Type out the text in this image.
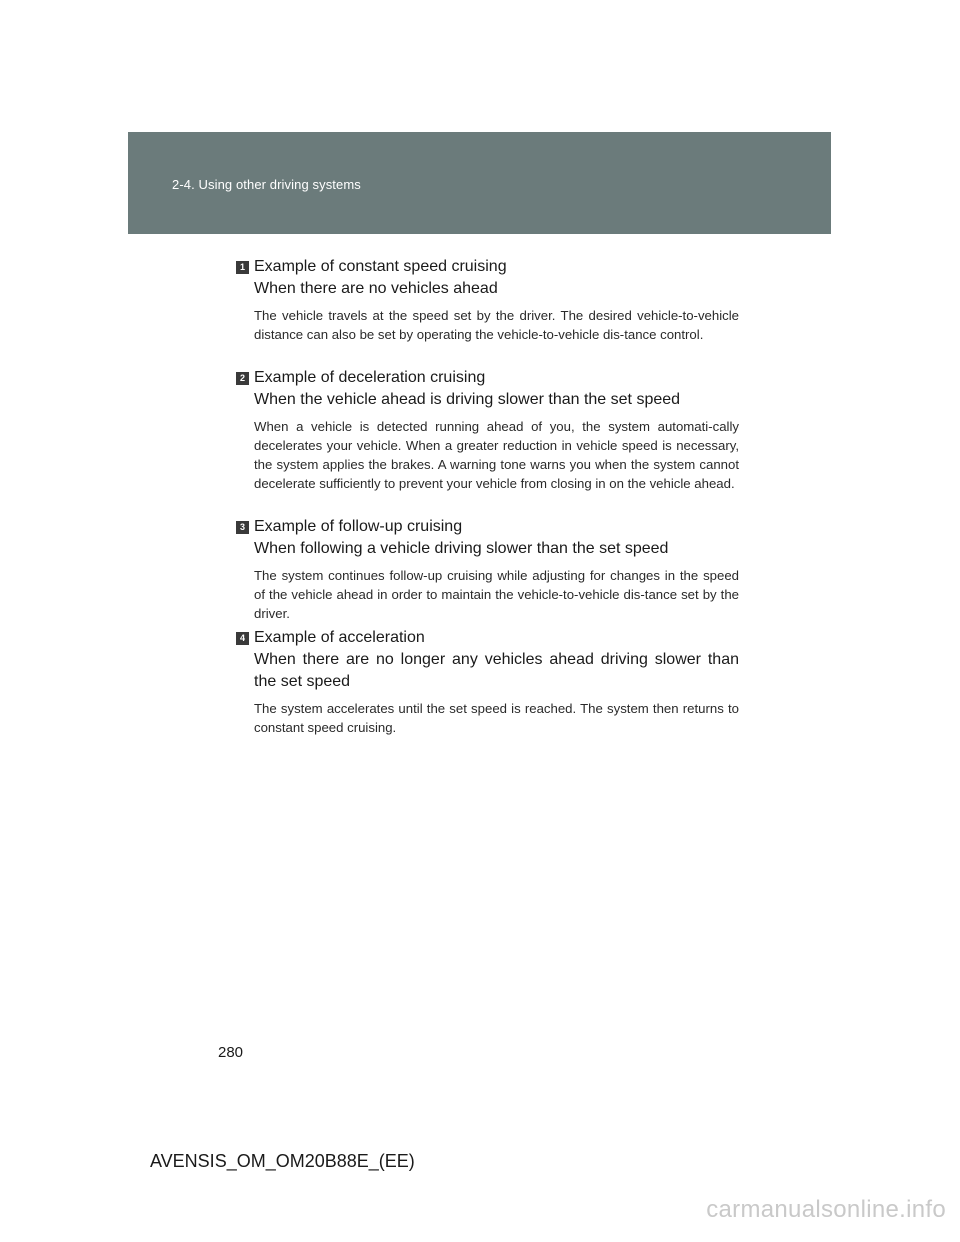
2-4. Using other driving systems
1 Example of constant speed cruising

When there are no vehicles ahead

The vehicle travels at the speed set by the driver. The desired vehicle-to-vehicle distance can also be set by operating the vehicle-to-vehicle dis-tance control.

2 Example of deceleration cruising

When the vehicle ahead is driving slower than the set speed

When a vehicle is detected running ahead of you, the system automati-cally decelerates your vehicle. When a greater reduction in vehicle speed is necessary, the system applies the brakes. A warning tone warns you when the system cannot decelerate sufficiently to prevent your vehicle from closing in on the vehicle ahead.

3 Example of follow-up cruising

When following a vehicle driving slower than the set speed

The system continues follow-up cruising while adjusting for changes in the speed of the vehicle ahead in order to maintain the vehicle-to-vehicle dis-tance set by the driver.

4 Example of acceleration

When there are no longer any vehicles ahead driving slower than the set speed

The system accelerates until the set speed is reached. The system then returns to constant speed cruising.

280
AVENSIS_OM_OM20B88E_(EE)
carmanualsonline.info
